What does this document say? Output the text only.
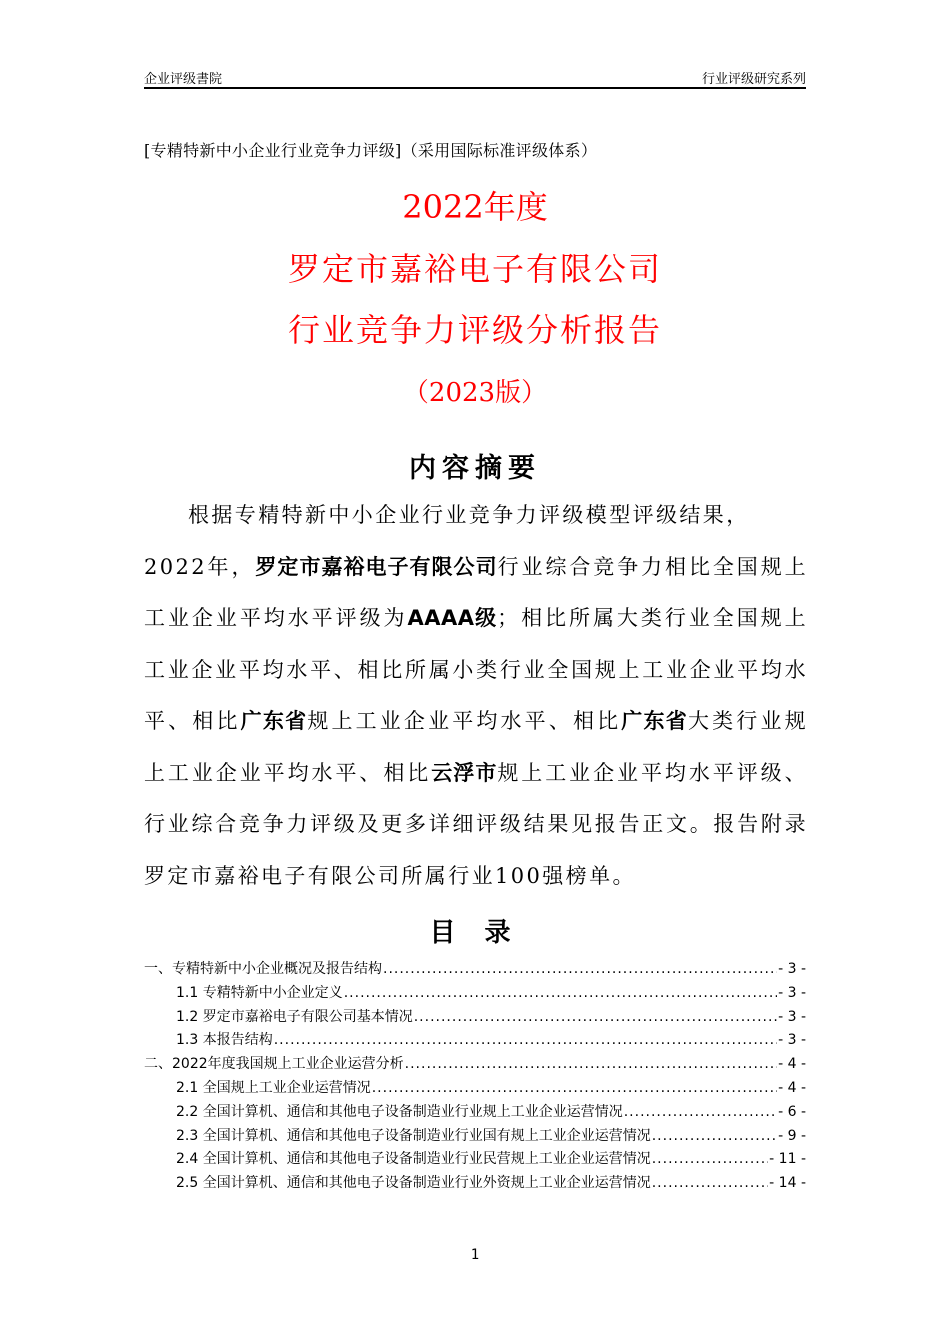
企业评级書院	行业评级研究系列
[专精特新中小企业行业竞争力评级]（采用国际标准评级体系）
2022年度
罗定市嘉裕电子有限公司
行业竞争力评级分析报告
（2023版）
内容摘要
根据专精特新中小企业行业竞争力评级模型评级结果，
2022年，罗定市嘉裕电子有限公司行业综合竞争力相比全国规上工业企业平均水平评级为AAAA级；相比所属大类行业全国规上工业企业平均水平、相比所属小类行业全国规上工业企业平均水平、相比广东省规上工业企业平均水平、相比广东省大类行业规上工业企业平均水平、相比云浮市规上工业企业平均水平评级、行业综合竞争力评级及更多详细评级结果见报告正文。报告附录罗定市嘉裕电子有限公司所属行业100强榜单。
目 录
一、专精特新中小企业概况及报告结构 .....	- 3 -
1.1 专精特新中小企业定义 .....	- 3 -
1.2 罗定市嘉裕电子有限公司基本情况 .....	- 3 -
1.3 本报告结构 .....	- 3 -
二、2022年度我国规上工业企业运营分析 .....	- 4 -
2.1 全国规上工业企业运营情况 .....	- 4 -
2.2 全国计算机、通信和其他电子设备制造业行业规上工业企业运营情况 .....	- 6 -
2.3 全国计算机、通信和其他电子设备制造业行业国有规上工业企业运营情况 .....	- 9 -
2.4 全国计算机、通信和其他电子设备制造业行业民营规上工业企业运营情况 .....	- 11 -
2.5 全国计算机、通信和其他电子设备制造业行业外资规上工业企业运营情况 .....	- 14 -
1
